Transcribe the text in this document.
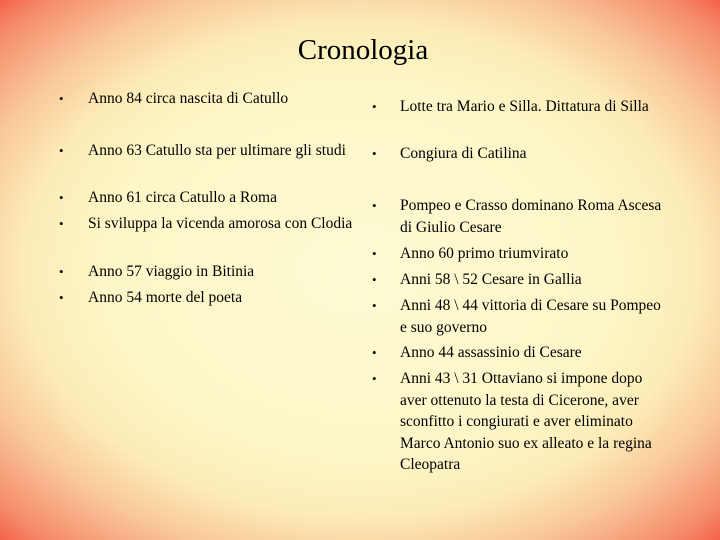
Cronologia
• Anno 84 circa nascita di Catullo

• Anno 63 Catullo sta per ultimare gli studi

• Anno 61 circa Catullo a Roma

• Si sviluppa la vicenda amorosa con Clodia

• Anno 57 viaggio in Bitinia

• Anno 54 morte del poeta

• Lotte tra Mario e Silla. Dittatura di Silla

• Congiura di Catilina

• Pompeo e Crasso dominano Roma Ascesa di Giulio Cesare

• Anno 60 primo triumvirato

• Anni 58 \ 52 Cesare in Gallia

• Anni 48 \ 44 vittoria di Cesare su Pompeo e suo governo

• Anno 44 assassinio di Cesare

• Anni 43 \ 31 Ottaviano si impone dopo aver ottenuto la testa di Cicerone, aver sconfitto i congiurati e aver eliminato Marco Antonio suo ex alleato e la regina Cleopatra
